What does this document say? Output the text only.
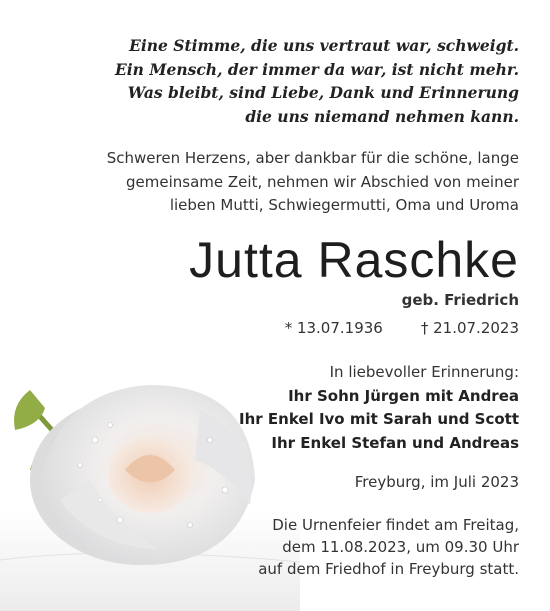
Eine Stimme, die uns vertraut war, schweigt.
Ein Mensch, der immer da war, ist nicht mehr.
Was bleibt, sind Liebe, Dank und Erinnerung
die uns niemand nehmen kann.
Schweren Herzens, aber dankbar für die schöne, lange
gemeinsame Zeit, nehmen wir Abschied von meiner
lieben Mutti, Schwiegermutti, Oma und Uroma
Jutta Raschke
geb. Friedrich
* 13.07.1936	† 21.07.2023
In liebevoller Erinnerung:
Ihr Sohn Jürgen mit Andrea
Ihr Enkel Ivo mit Sarah und Scott
Ihr Enkel Stefan und Andreas
Freyburg, im Juli 2023
Die Urnenfeier findet am Freitag,
dem 11.08.2023, um 09.30 Uhr
auf dem Friedhof in Freyburg statt.
